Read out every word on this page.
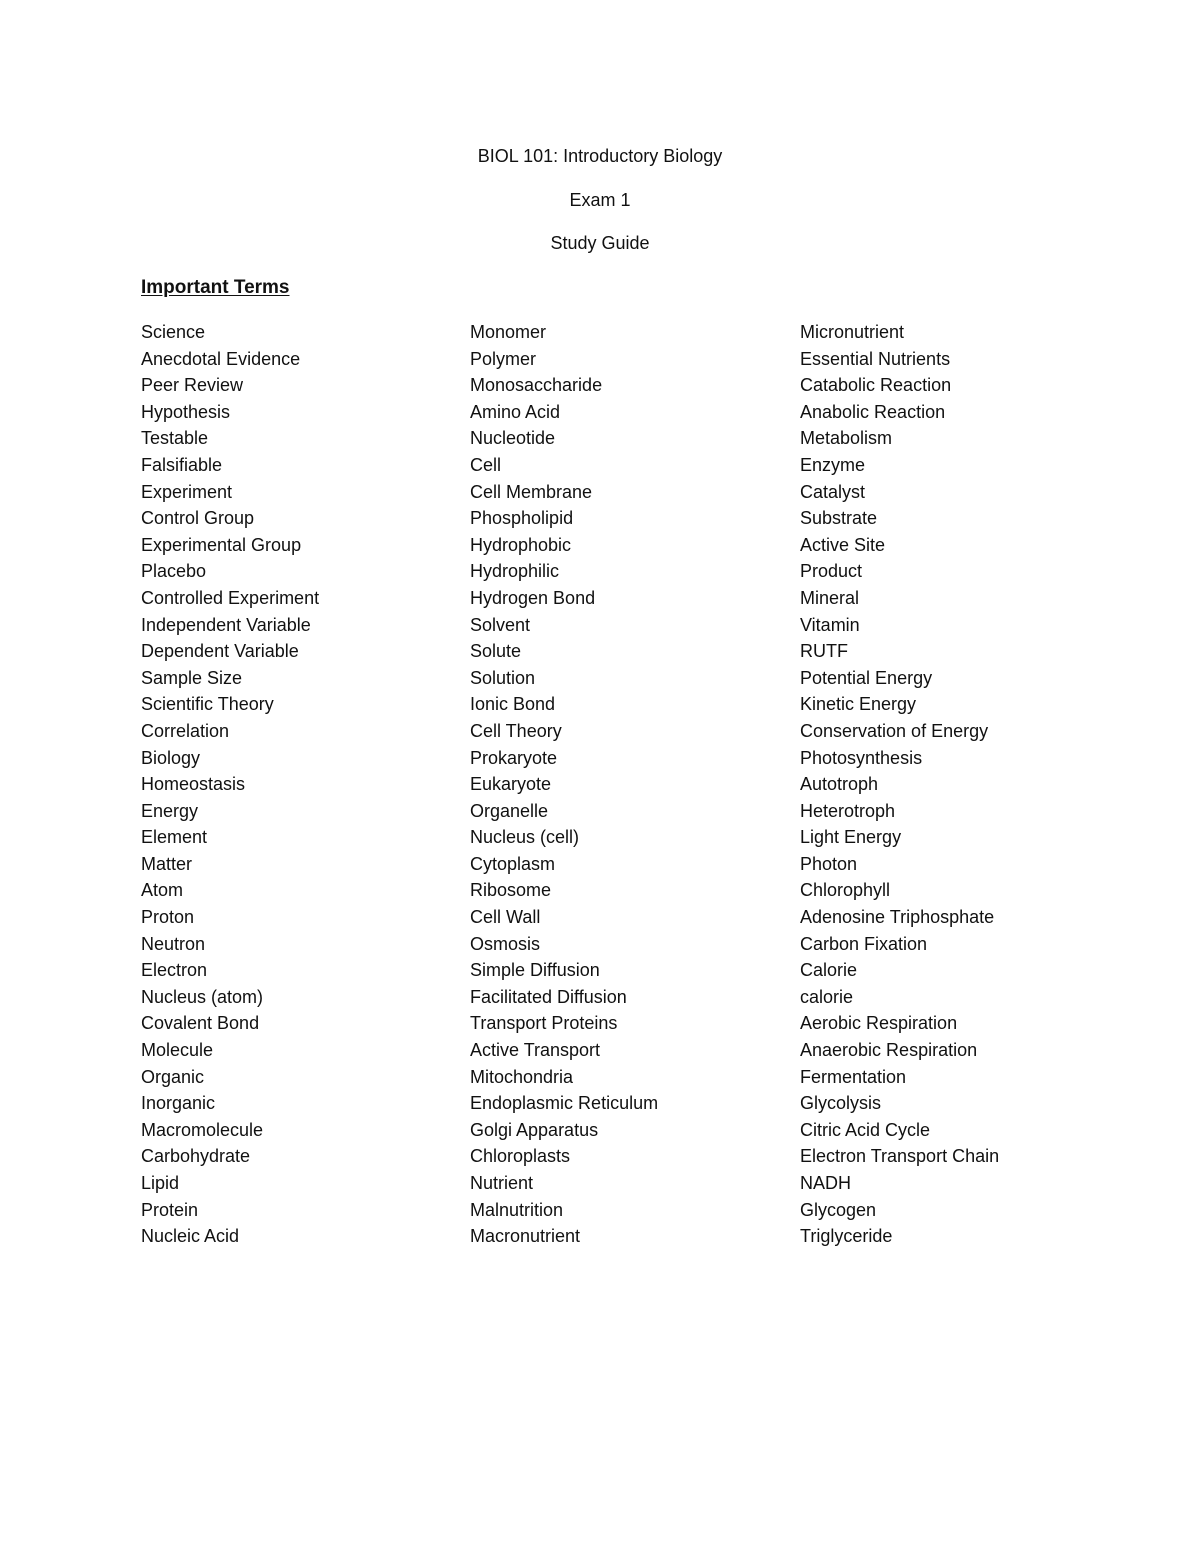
BIOL 101: Introductory Biology
Exam 1
Study Guide
Important Terms
Science
Anecdotal Evidence
Peer Review
Hypothesis
Testable
Falsifiable
Experiment
Control Group
Experimental Group
Placebo
Controlled Experiment
Independent Variable
Dependent Variable
Sample Size
Scientific Theory
Correlation
Biology
Homeostasis
Energy
Element
Matter
Atom
Proton
Neutron
Electron
Nucleus (atom)
Covalent Bond
Molecule
Organic
Inorganic
Macromolecule
Carbohydrate
Lipid
Protein
Nucleic Acid
Monomer
Polymer
Monosaccharide
Amino Acid
Nucleotide
Cell
Cell Membrane
Phospholipid
Hydrophobic
Hydrophilic
Hydrogen Bond
Solvent
Solute
Solution
Ionic Bond
Cell Theory
Prokaryote
Eukaryote
Organelle
Nucleus (cell)
Cytoplasm
Ribosome
Cell Wall
Osmosis
Simple Diffusion
Facilitated Diffusion
Transport Proteins
Active Transport
Mitochondria
Endoplasmic Reticulum
Golgi Apparatus
Chloroplasts
Nutrient
Malnutrition
Macronutrient
Micronutrient
Essential Nutrients
Catabolic Reaction
Anabolic Reaction
Metabolism
Enzyme
Catalyst
Substrate
Active Site
Product
Mineral
Vitamin
RUTF
Potential Energy
Kinetic Energy
Conservation of Energy
Photosynthesis
Autotroph
Heterotroph
Light Energy
Photon
Chlorophyll
Adenosine Triphosphate
Carbon Fixation
Calorie
calorie
Aerobic Respiration
Anaerobic Respiration
Fermentation
Glycolysis
Citric Acid Cycle
Electron Transport Chain
NADH
Glycogen
Triglyceride
